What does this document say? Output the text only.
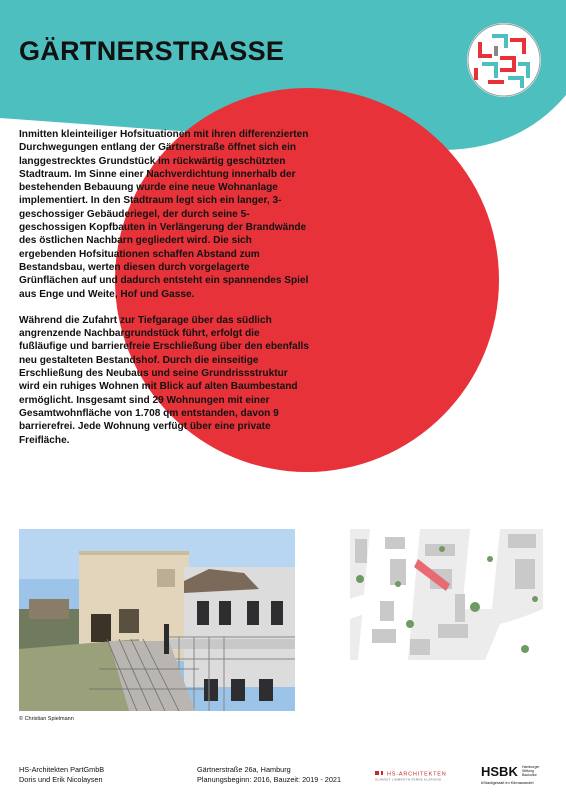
GÄRTNERSTRASSE

Inmitten kleinteiliger Hofsituationen mit ihren differenzierten Durchwegungen entlang der Gärtnerstraße öffnet sich ein langgestrecktes Grundstück im rückwärtig geschützten Stadtraum. Im Sinne einer Nachverdichtung innerhalb der bestehenden Bebauung wurde eine neue Wohnanlage implementiert. In den Stadtraum legt sich ein langer, 3-geschossiger Gebäuderiegel, der durch seine 5-geschossigen Kopfbauten in Verlängerung der Brandwände des östlichen Nachbarn gegliedert wird. Die sich ergebenden Hofsituationen schaffen Abstand zum Bestandsbau, werten diesen durch vorgelagerte Grünflächen auf und dadurch entsteht ein spannendes Spiel aus Enge und Weite, Hof und Gasse.

Während die Zufahrt zur Tiefgarage über das südlich angrenzende Nachbargrundstück führt, erfolgt die fußläufige und barrierefreie Erschließung über den ebenfalls neu gestalteten Bestandshof. Durch die einseitige Erschließung des Neubaus und seine Grundrissstruktur wird ein ruhiges Wohnen mit Blick auf alten Baumbestand ermöglicht. Insgesamt sind 29 Wohnungen mit einer Gesamtwohnfläche von 1.708 qm entstanden, davon 9 barrierefrei. Jede Wohnung verfügt über eine private Freifläche.

© Christian Spielmann
HS-Architekten PartGmbB
Doris und Erik Nicolaysen
Gärtnerstraße 26a, Hamburg
Planungsbeginn: 2016, Bauzeit: 2019 - 2021	HS-ARCHITEKTEN
SCHMIDT LIMMROTH FERKE KLAPSING
HSBK Hamburger
Stiftung
Baukultur
#Stadtgestalt im Klimawandel
